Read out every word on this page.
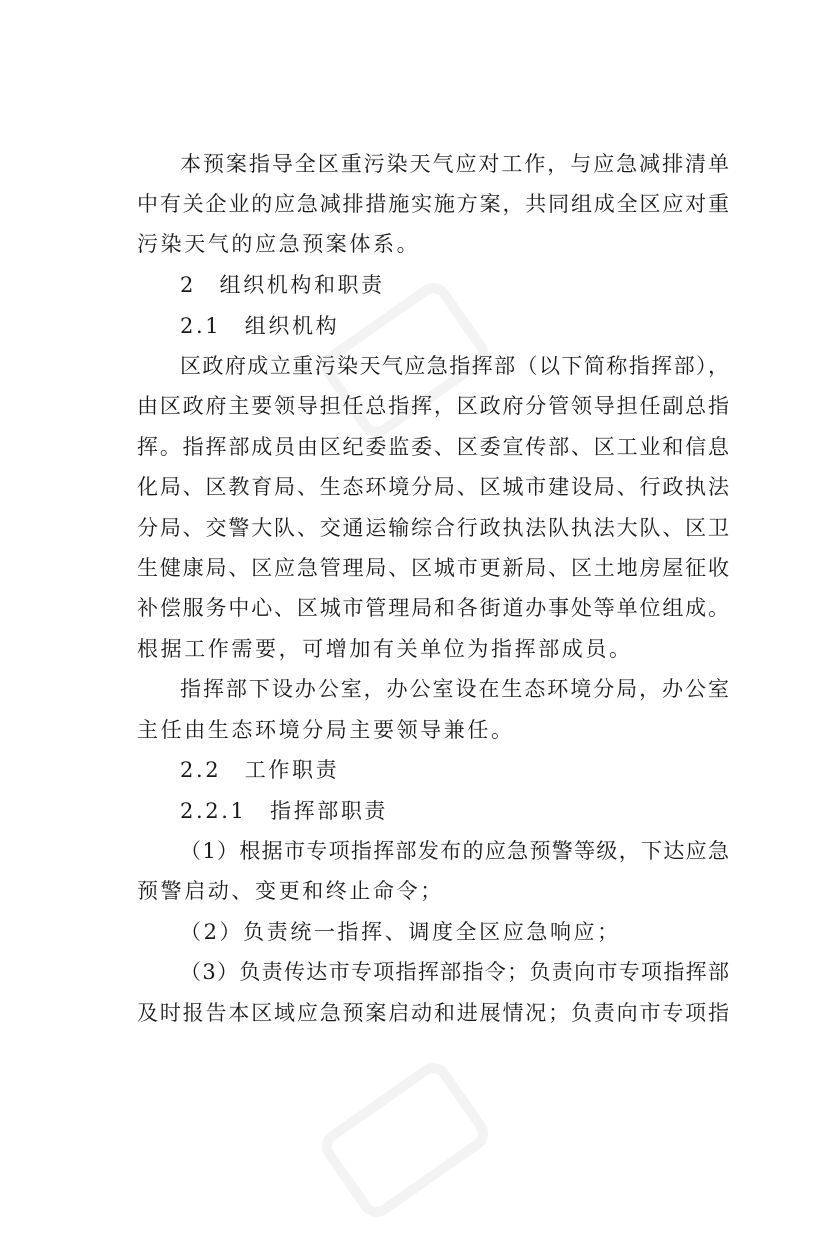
本预案指导全区重污染天气应对工作，与应急减排清单
中有关企业的应急减排措施实施方案，共同组成全区应对重
污染天气的应急预案体系。
2　组织机构和职责
2.1　组织机构
区政府成立重污染天气应急指挥部（以下简称指挥部），
由区政府主要领导担任总指挥，区政府分管领导担任副总指
挥。指挥部成员由区纪委监委、区委宣传部、区工业和信息
化局、区教育局、生态环境分局、区城市建设局、行政执法
分局、交警大队、交通运输综合行政执法队执法大队、区卫
生健康局、区应急管理局、区城市更新局、区土地房屋征收
补偿服务中心、区城市管理局和各街道办事处等单位组成。
根据工作需要，可增加有关单位为指挥部成员。
指挥部下设办公室，办公室设在生态环境分局，办公室
主任由生态环境分局主要领导兼任。
2.2　工作职责
2.2.1　指挥部职责
（1）根据市专项指挥部发布的应急预警等级，下达应急
预警启动、变更和终止命令；
（2）负责统一指挥、调度全区应急响应；
（3）负责传达市专项指挥部指令；负责向市专项指挥部
及时报告本区域应急预案启动和进展情况；负责向市专项指
